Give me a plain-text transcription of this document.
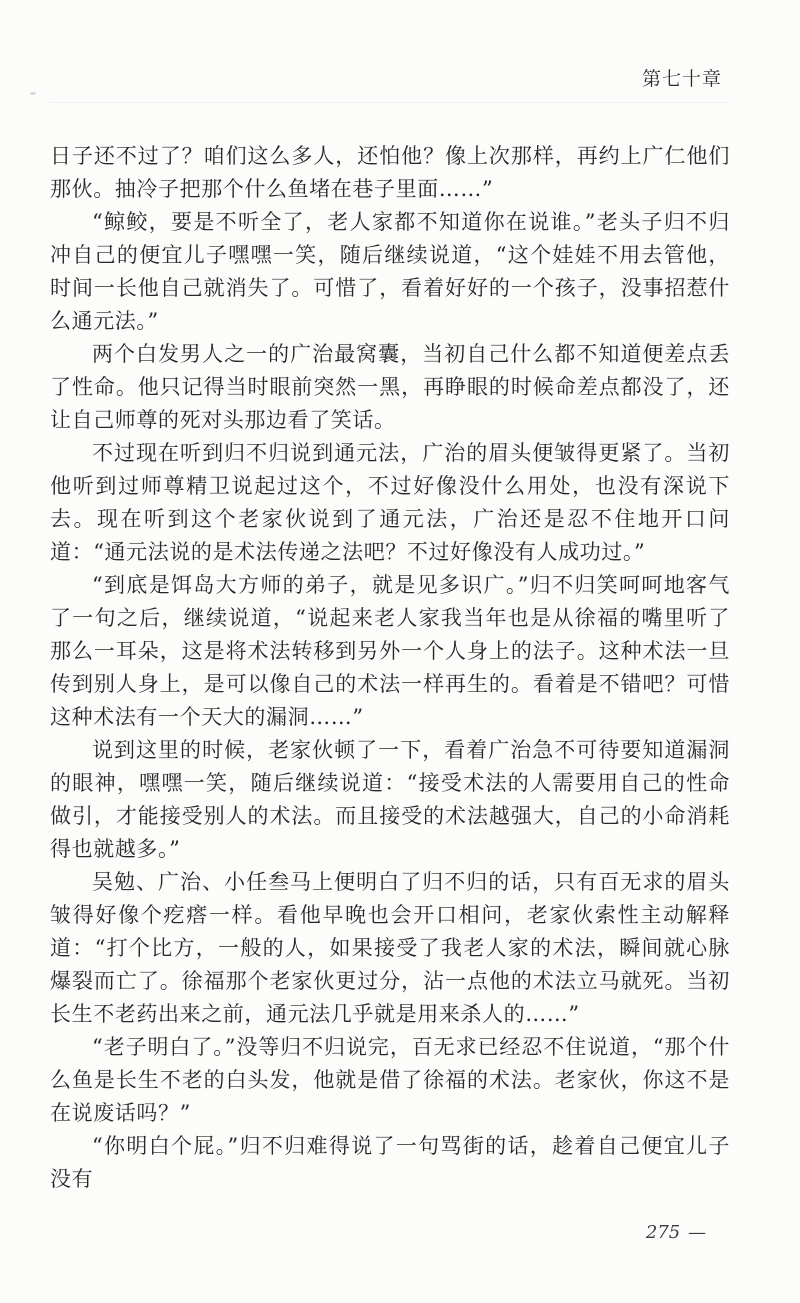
第七十章

日子还不过了？咱们这么多人，还怕他？像上次那样，再约上广仁他们那伙。抽冷子把那个什么鱼堵在巷子里面……”

“鲸鲛，要是不听全了，老人家都不知道你在说谁。”老头子归不归冲自己的便宜儿子嘿嘿一笑，随后继续说道，“这个娃娃不用去管他，时间一长他自己就消失了。可惜了，看着好好的一个孩子，没事招惹什么通元法。”

两个白发男人之一的广治最窝囊，当初自己什么都不知道便差点丢了性命。他只记得当时眼前突然一黑，再睁眼的时候命差点都没了，还让自己师尊的死对头那边看了笑话。

不过现在听到归不归说到通元法，广治的眉头便皱得更紧了。当初他听到过师尊精卫说起过这个，不过好像没什么用处，也没有深说下去。现在听到这个老家伙说到了通元法，广治还是忍不住地开口问道：“通元法说的是术法传递之法吧？不过好像没有人成功过。”

“到底是饵岛大方师的弟子，就是见多识广。”归不归笑呵呵地客气了一句之后，继续说道，“说起来老人家我当年也是从徐福的嘴里听了那么一耳朵，这是将术法转移到另外一个人身上的法子。这种术法一旦传到别人身上，是可以像自己的术法一样再生的。看着是不错吧？可惜这种术法有一个天大的漏洞……”

说到这里的时候，老家伙顿了一下，看着广治急不可待要知道漏洞的眼神，嘿嘿一笑，随后继续说道：“接受术法的人需要用自己的性命做引，才能接受别人的术法。而且接受的术法越强大，自己的小命消耗得也就越多。”

吴勉、广治、小任叁马上便明白了归不归的话，只有百无求的眉头皱得好像个疙瘩一样。看他早晚也会开口相问，老家伙索性主动解释道：“打个比方，一般的人，如果接受了我老人家的术法，瞬间就心脉爆裂而亡了。徐福那个老家伙更过分，沾一点他的术法立马就死。当初长生不老药出来之前，通元法几乎就是用来杀人的……”

“老子明白了。”没等归不归说完，百无求已经忍不住说道，“那个什么鱼是长生不老的白头发，他就是借了徐福的术法。老家伙，你这不是在说废话吗？”

“你明白个屁。”归不归难得说了一句骂街的话，趁着自己便宜儿子没有

275 —
